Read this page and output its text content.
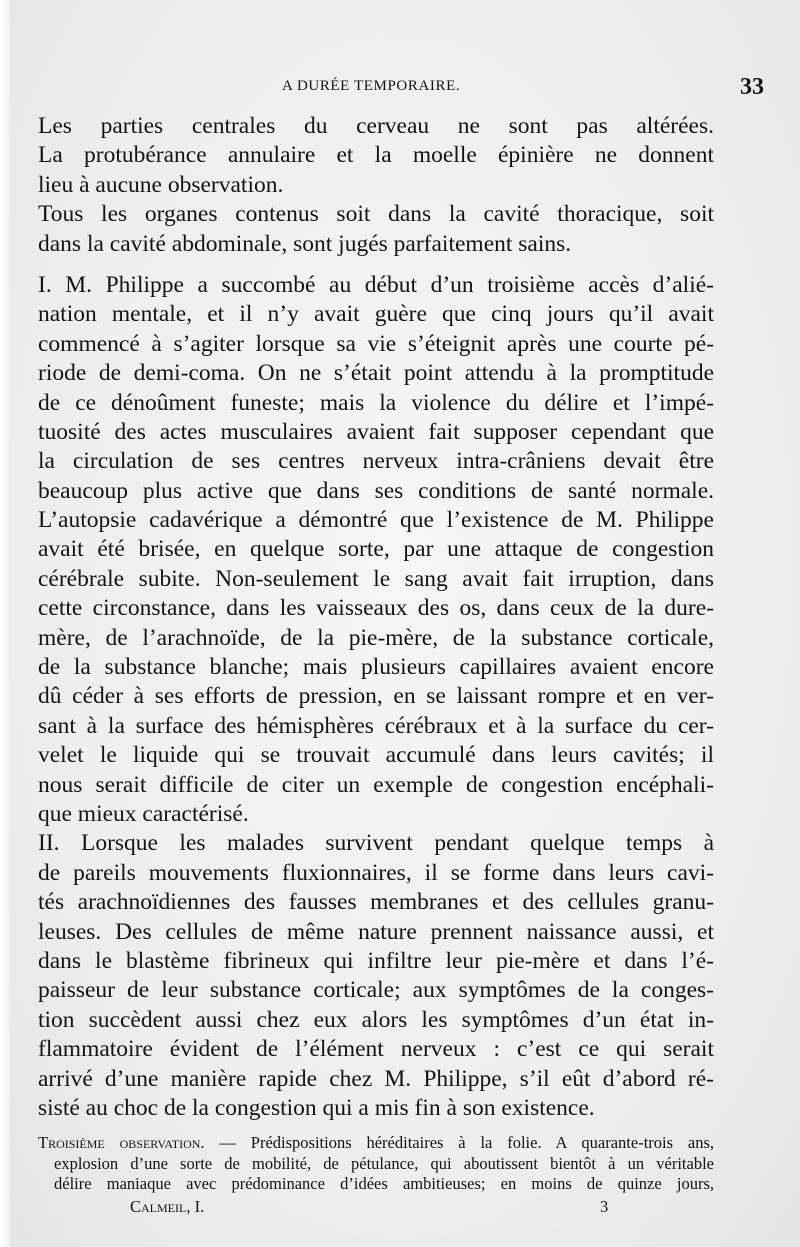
A DURÉE TEMPORAIRE.	33
Les parties centrales du cerveau ne sont pas altérées.
La protubérance annulaire et la moelle épinière ne donnent
lieu à aucune observation.
Tous les organes contenus soit dans la cavité thoracique, soit
dans la cavité abdominale, sont jugés parfaitement sains.
I. M. Philippe a succombé au début d’un troisième accès d’alié-
nation mentale, et il n’y avait guère que cinq jours qu’il avait
commencé à s’agiter lorsque sa vie s’éteignit après une courte pé-
riode de demi-coma. On ne s’était point attendu à la promptitude
de ce dénoûment funeste; mais la violence du délire et l’impé-
tuosité des actes musculaires avaient fait supposer cependant que
la circulation de ses centres nerveux intra-crâniens devait être
beaucoup plus active que dans ses conditions de santé normale.
L’autopsie cadavérique a démontré que l’existence de M. Philippe
avait été brisée, en quelque sorte, par une attaque de congestion
cérébrale subite. Non-seulement le sang avait fait irruption, dans
cette circonstance, dans les vaisseaux des os, dans ceux de la dure-
mère, de l’arachnoïde, de la pie-mère, de la substance corticale,
de la substance blanche; mais plusieurs capillaires avaient encore
dû céder à ses efforts de pression, en se laissant rompre et en ver-
sant à la surface des hémisphères cérébraux et à la surface du cer-
velet le liquide qui se trouvait accumulé dans leurs cavités; il
nous serait difficile de citer un exemple de congestion encéphali-
que mieux caractérisé.
II. Lorsque les malades survivent pendant quelque temps à
de pareils mouvements fluxionnaires, il se forme dans leurs cavi-
tés arachnoïdiennes des fausses membranes et des cellules granu-
leuses. Des cellules de même nature prennent naissance aussi, et
dans le blastème fibrineux qui infiltre leur pie-mère et dans l’é-
paisseur de leur substance corticale; aux symptômes de la conges-
tion succèdent aussi chez eux alors les symptômes d’un état in-
flammatoire évident de l’élément nerveux : c’est ce qui serait
arrivé d’une manière rapide chez M. Philippe, s’il eût d’abord ré-
sisté au choc de la congestion qui a mis fin à son existence.
Troisième observation. — Prédispositions héréditaires à la folie. A quarante-trois ans,
explosion d’une sorte de mobilité, de pétulance, qui aboutissent bientôt à un véritable
délire maniaque avec prédominance d’idées ambitieuses; en moins de quinze jours,
Calmeil, I.	3
